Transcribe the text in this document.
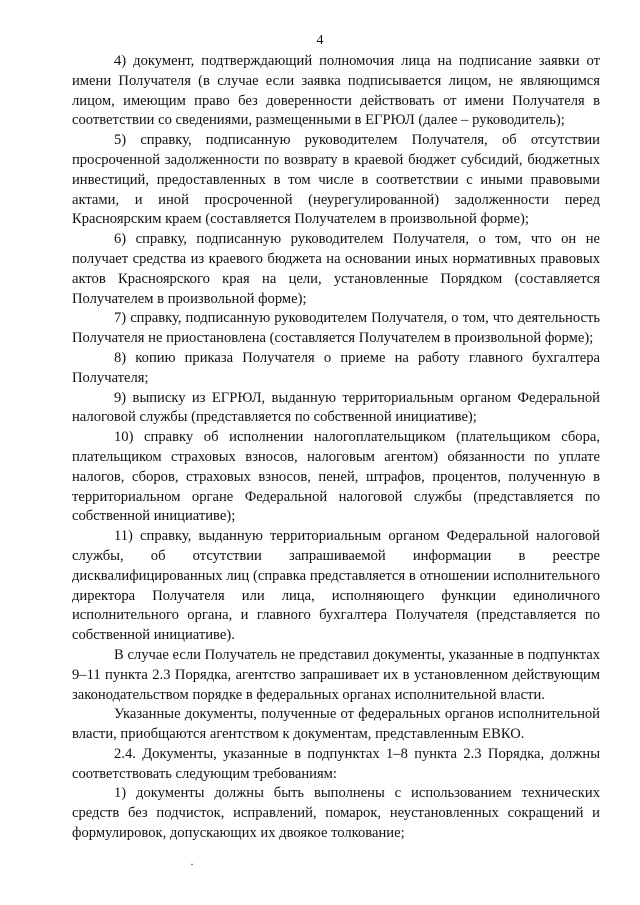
4

4) документ, подтверждающий полномочия лица на подписание заявки от имени Получателя (в случае если заявка подписывается лицом, не являющимся лицом, имеющим право без доверенности действовать от имени Получателя в соответствии со сведениями, размещенными в ЕГРЮЛ (далее – руководитель);

5) справку, подписанную руководителем Получателя, об отсутствии просроченной задолженности по возврату в краевой бюджет субсидий, бюджетных инвестиций, предоставленных в том числе в соответствии с иными правовыми актами, и иной просроченной (неурегулированной) задолженности перед Красноярским краем (составляется Получателем в произвольной форме);

6) справку, подписанную руководителем Получателя, о том, что он не получает средства из краевого бюджета на основании иных нормативных правовых актов Красноярского края на цели, установленные Порядком (составляется Получателем в произвольной форме);

7) справку, подписанную руководителем Получателя, о том, что деятельность Получателя не приостановлена (составляется Получателем в произвольной форме);

8) копию приказа Получателя о приеме на работу главного бухгалтера Получателя;

9) выписку из ЕГРЮЛ, выданную территориальным органом Федеральной налоговой службы (представляется по собственной инициативе);

10) справку об исполнении налогоплательщиком (плательщиком сбора, плательщиком страховых взносов, налоговым агентом) обязанности по уплате налогов, сборов, страховых взносов, пеней, штрафов, процентов, полученную в территориальном органе Федеральной налоговой службы (представляется по собственной инициативе);

11) справку, выданную территориальным органом Федеральной налоговой службы, об отсутствии запрашиваемой информации в реестре дисквалифицированных лиц (справка представляется в отношении исполнительного директора Получателя или лица, исполняющего функции единоличного исполнительного органа, и главного бухгалтера Получателя (представляется по собственной инициативе).

В случае если Получатель не представил документы, указанные в подпунктах 9–11 пункта 2.3 Порядка, агентство запрашивает их в установленном действующим законодательством порядке в федеральных органах исполнительной власти.

Указанные документы, полученные от федеральных органов исполнительной власти, приобщаются агентством к документам, представленным ЕВКО.

2.4. Документы, указанные в подпунктах 1–8 пункта 2.3 Порядка, должны соответствовать следующим требованиям:

1) документы должны быть выполнены с использованием технических средств без подчисток, исправлений, помарок, неустановленных сокращений и формулировок, допускающих их двоякое толкование;

·
